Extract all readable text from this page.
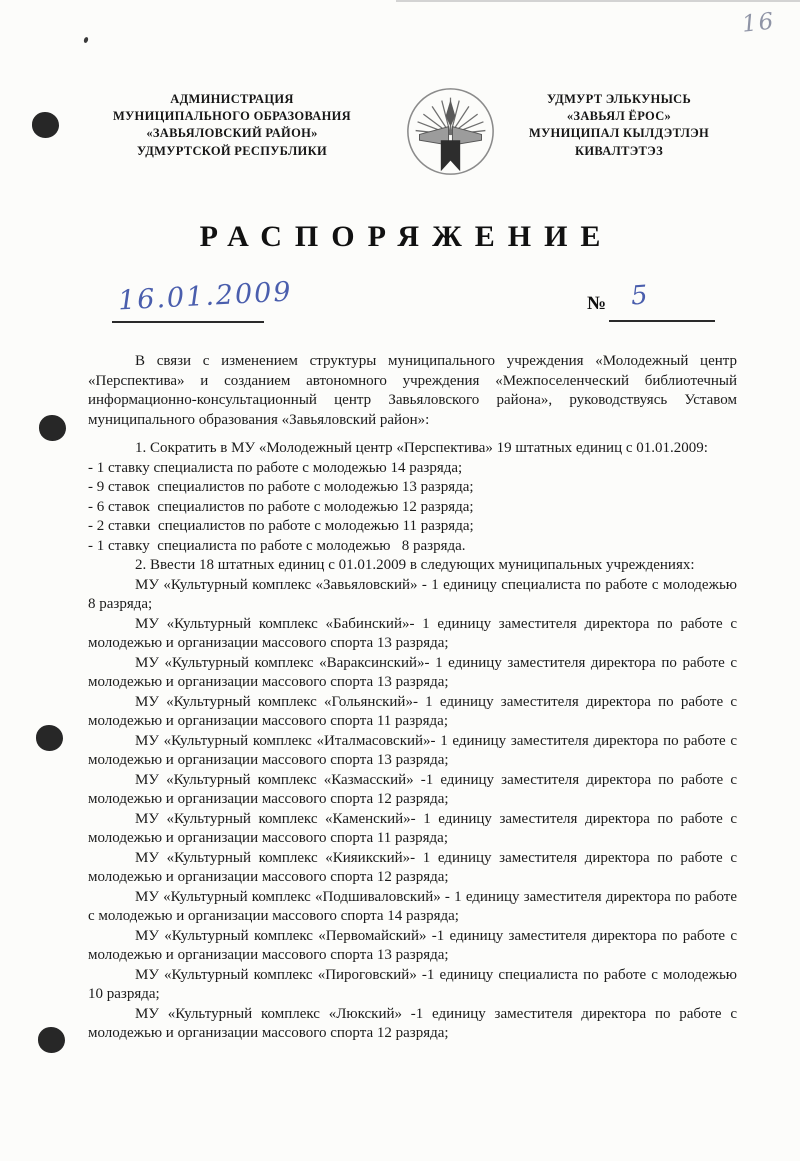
16
АДМИНИСТРАЦИЯ
МУНИЦИПАЛЬНОГО ОБРАЗОВАНИЯ
«ЗАВЬЯЛОВСКИЙ РАЙОН»
УДМУРТСКОЙ РЕСПУБЛИКИ
УДМУРТ ЭЛЬКУНЫСЬ
«ЗАВЬЯЛ ЁРОС»
МУНИЦИПАЛ КЫЛДЭТЛЭН
КИВАЛТЭТЭЗ
РАСПОРЯЖЕНИЕ
16.01.2009	№ 5

В связи с изменением структуры муниципального учреждения «Молодежный центр «Перспектива» и созданием автономного учреждения «Межпоселенческий библиотечный информационно-консультационный центр Завьяловского района», руководствуясь Уставом муниципального образования «Завьяловский район»:

1. Сократить в МУ «Молодежный центр «Перспектива» 19 штатных единиц с 01.01.2009:

- 1 ставку специалиста по работе с молодежью 14 разряда;

- 9 ставок  специалистов по работе с молодежью 13 разряда;

- 6 ставок  специалистов по работе с молодежью 12 разряда;

- 2 ставки  специалистов по работе с молодежью 11 разряда;

- 1 ставку  специалиста по работе с молодежью   8 разряда.

2. Ввести 18 штатных единиц с 01.01.2009 в следующих муниципальных учреждениях:

МУ «Культурный комплекс «Завьяловский» - 1 единицу специалиста по работе с молодежью 8 разряда;

МУ «Культурный комплекс «Бабинский»- 1 единицу заместителя директора по работе с молодежью и организации массового спорта 13 разряда;

МУ «Культурный комплекс «Вараксинский»- 1 единицу заместителя директора по работе с молодежью и организации массового спорта 13 разряда;

МУ «Культурный комплекс «Гольянский»- 1 единицу заместителя директора по работе с молодежью и организации массового спорта 11 разряда;

МУ «Культурный комплекс «Италмасовский»- 1 единицу заместителя директора по работе с молодежью и организации массового спорта 13 разряда;

МУ «Культурный комплекс «Казмасский» -1 единицу заместителя директора по работе с молодежью и организации массового спорта 12 разряда;

МУ «Культурный комплекс «Каменский»- 1 единицу заместителя директора по работе с молодежью и организации массового спорта 11 разряда;

МУ «Культурный комплекс «Кияикский»- 1 единицу заместителя директора по работе с молодежью и организации массового спорта 12 разряда;

МУ «Культурный комплекс «Подшиваловский» - 1 единицу заместителя директора по работе с молодежью и организации массового спорта 14 разряда;

МУ «Культурный комплекс «Первомайский» -1 единицу заместителя директора по работе с молодежью и организации массового спорта 13 разряда;

МУ «Культурный комплекс «Пироговский» -1 единицу специалиста по работе с молодежью 10 разряда;

МУ «Культурный комплекс «Люкский» -1 единицу заместителя директора по работе с молодежью и организации массового спорта 12 разряда;
